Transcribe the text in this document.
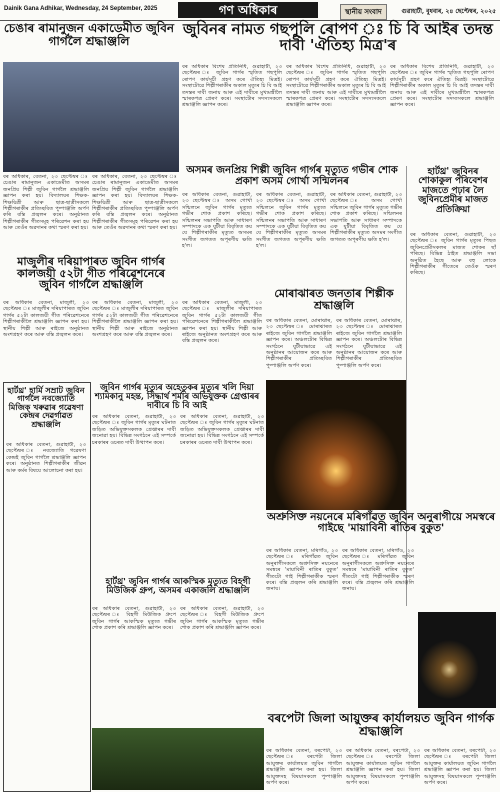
Dainik Gana Adhikar, Wednesday, 24 September, 2025	গণ অধিকাৰ	স্থানীয় সংবাদ	গুৱাহাটী, বুধবাৰ, ২৪ ছেপ্টেম্বৰ, ২০২৫
চেঙাৰ ৰামানুজন একাডেমীত জুবিন গাৰ্গলৈ শ্ৰদ্ধাঞ্জলি
বৰ অধিকাৰ, বেতনা, ২৩ ছেপ্টেম্বৰ ঃ চেঙাৰ ৰামানুজন একাডেমীত অসমৰ জনপ্ৰিয় শিল্পী জুবিন গাৰ্গলৈ শ্ৰদ্ধাঞ্জলি জ্ঞাপন কৰা হয়। বিদ্যালয়ৰ শিক্ষক-শিক্ষয়িত্ৰী আৰু ছাত্ৰ-ছাত্ৰীসকলে শিল্পীগৰাকীৰ প্ৰতিচ্ছবিত পুষ্পাঞ্জলি অৰ্পণ কৰি বন্তি প্ৰজ্বলন কৰে। অনুষ্ঠানত শিল্পীগৰাকীৰ গীতসমূহ পৰিৱেশন কৰা হয় আৰু তেওঁৰ অৱদানৰ কথা স্মৰণ কৰা হয়।
বৰ অধিকাৰ, বেতনা, ২৩ ছেপ্টেম্বৰ ঃ চেঙাৰ ৰামানুজন একাডেমীত অসমৰ জনপ্ৰিয় শিল্পী জুবিন গাৰ্গলৈ শ্ৰদ্ধাঞ্জলি জ্ঞাপন কৰা হয়। বিদ্যালয়ৰ শিক্ষক-শিক্ষয়িত্ৰী আৰু ছাত্ৰ-ছাত্ৰীসকলে শিল্পীগৰাকীৰ প্ৰতিচ্ছবিত পুষ্পাঞ্জলি অৰ্পণ কৰি বন্তি প্ৰজ্বলন কৰে। অনুষ্ঠানত শিল্পীগৰাকীৰ গীতসমূহ পৰিৱেশন কৰা হয় আৰু তেওঁৰ অৱদানৰ কথা স্মৰণ কৰা হয়।
জুবিনৰ নামত গছপুলি ৰোপণ ঃ চি বি আইৰ তদন্ত দাবী 'ঐতিহ্য মিত্ৰ'ৰ
বৰ অধিকাৰ বিশেষ প্ৰতিনিধি, গুৱাহাটী, ২৩ ছেপ্টেম্বৰ ঃ জুবিন গাৰ্গৰ স্মৃতিত গছপুলি ৰোপণ কাৰ্যসূচী গ্ৰহণ কৰে ঐতিহ্য মিত্ৰই। সংস্থাটোৱে শিল্পীগৰাকীৰ অকাল মৃত্যুৰ চি বি আই তদন্তৰ দাবী জনায় আৰু এই দাবীৰে মুখ্যমন্ত্ৰীলৈ স্মাৰকপত্ৰ প্ৰেৰণ কৰে। সংস্থাটোৰ সদস্যসকলে শ্ৰদ্ধাঞ্জলি জ্ঞাপন কৰে।
বৰ অধিকাৰ বিশেষ প্ৰতিনিধি, গুৱাহাটী, ২৩ ছেপ্টেম্বৰ ঃ জুবিন গাৰ্গৰ স্মৃতিত গছপুলি ৰোপণ কাৰ্যসূচী গ্ৰহণ কৰে ঐতিহ্য মিত্ৰই। সংস্থাটোৱে শিল্পীগৰাকীৰ অকাল মৃত্যুৰ চি বি আই তদন্তৰ দাবী জনায় আৰু এই দাবীৰে মুখ্যমন্ত্ৰীলৈ স্মাৰকপত্ৰ প্ৰেৰণ কৰে। সংস্থাটোৰ সদস্যসকলে শ্ৰদ্ধাঞ্জলি জ্ঞাপন কৰে।
বৰ অধিকাৰ বিশেষ প্ৰতিনিধি, গুৱাহাটী, ২৩ ছেপ্টেম্বৰ ঃ জুবিন গাৰ্গৰ স্মৃতিত গছপুলি ৰোপণ কাৰ্যসূচী গ্ৰহণ কৰে ঐতিহ্য মিত্ৰই। সংস্থাটোৱে শিল্পীগৰাকীৰ অকাল মৃত্যুৰ চি বি আই তদন্তৰ দাবী জনায় আৰু এই দাবীৰে মুখ্যমন্ত্ৰীলৈ স্মাৰকপত্ৰ প্ৰেৰণ কৰে। সংস্থাটোৰ সদস্যসকলে শ্ৰদ্ধাঞ্জলি জ্ঞাপন কৰে।
অসমৰ জনপ্ৰিয় শিল্পী জুবিন গাৰ্গৰ মৃত্যুত গভীৰ শোক প্ৰকাশ অসম গোৰ্খা সন্মিলনৰ
বৰ অধিকাৰ বেতনা, গুৱাহাটী, ২৩ ছেপ্টেম্বৰ ঃ অসম গোৰ্খা সন্মিলনে জুবিন গাৰ্গৰ মৃত্যুত গভীৰ শোক প্ৰকাশ কৰিছে। সন্মিলনৰ সভাপতি আৰু সাধাৰণ সম্পাদকে এক যুটীয়া বিবৃতিত কয় যে শিল্পীগৰাকীৰ মৃত্যুত অসমৰ সংগীত জগতত অপূৰণীয় ক্ষতি হ'ল।
বৰ অধিকাৰ বেতনা, গুৱাহাটী, ২৩ ছেপ্টেম্বৰ ঃ অসম গোৰ্খা সন্মিলনে জুবিন গাৰ্গৰ মৃত্যুত গভীৰ শোক প্ৰকাশ কৰিছে। সন্মিলনৰ সভাপতি আৰু সাধাৰণ সম্পাদকে এক যুটীয়া বিবৃতিত কয় যে শিল্পীগৰাকীৰ মৃত্যুত অসমৰ সংগীত জগতত অপূৰণীয় ক্ষতি হ'ল।
বৰ অধিকাৰ বেতনা, গুৱাহাটী, ২৩ ছেপ্টেম্বৰ ঃ অসম গোৰ্খা সন্মিলনে জুবিন গাৰ্গৰ মৃত্যুত গভীৰ শোক প্ৰকাশ কৰিছে। সন্মিলনৰ সভাপতি আৰু সাধাৰণ সম্পাদকে এক যুটীয়া বিবৃতিত কয় যে শিল্পীগৰাকীৰ মৃত্যুত অসমৰ সংগীত জগতত অপূৰণীয় ক্ষতি হ'ল।
হাৰ্টথ্ৰ' জুবিনৰ শোকাকুল পৰিবেশৰ মাজতে পঢ়াৰ লৈ জুবিনপ্ৰেমীৰ মাজত প্ৰতিক্ৰিয়া
বৰ অধিকাৰ বেতনা, গুৱাহাটী, ২৩ ছেপ্টেম্বৰ ঃ জুবিন গাৰ্গৰ মৃত্যুৰ পিছত জুবিনপ্ৰেমীসকলৰ মাজত শোকৰ ছাঁ পৰিছে। বিভিন্ন ঠাইত শ্ৰদ্ধাঞ্জলি সভা অনুষ্ঠিত হৈছে আৰু বহু লোকে শিল্পীগৰাকীৰ গীতেৰে তেওঁক স্মৰণ কৰিছে।
মাজুলীৰ দৰিয়াপাৰত জুবিন গাৰ্গৰ কালজয়ী ৫২টা গীত পৰিৱেশনেৰে জুবিন গাৰ্গলৈ শ্ৰদ্ধাঞ্জলি
বৰ অধিকাৰ বেতনা, মাজুলী, ২৩ ছেপ্টেম্বৰ ঃ মাজুলীৰ দৰিয়াপাৰত জুবিন গাৰ্গৰ ৫২টা কালজয়ী গীত পৰিৱেশনেৰে শিল্পীগৰাকীলৈ শ্ৰদ্ধাঞ্জলি জ্ঞাপন কৰা হয়। স্থানীয় শিল্পী আৰু ৰাইজে অনুষ্ঠানত অংশগ্ৰহণ কৰে আৰু বন্তি প্ৰজ্বলন কৰে।
বৰ অধিকাৰ বেতনা, মাজুলী, ২৩ ছেপ্টেম্বৰ ঃ মাজুলীৰ দৰিয়াপাৰত জুবিন গাৰ্গৰ ৫২টা কালজয়ী গীত পৰিৱেশনেৰে শিল্পীগৰাকীলৈ শ্ৰদ্ধাঞ্জলি জ্ঞাপন কৰা হয়। স্থানীয় শিল্পী আৰু ৰাইজে অনুষ্ঠানত অংশগ্ৰহণ কৰে আৰু বন্তি প্ৰজ্বলন কৰে।
বৰ অধিকাৰ বেতনা, মাজুলী, ২৩ ছেপ্টেম্বৰ ঃ মাজুলীৰ দৰিয়াপাৰত জুবিন গাৰ্গৰ ৫২টা কালজয়ী গীত পৰিৱেশনেৰে শিল্পীগৰাকীলৈ শ্ৰদ্ধাঞ্জলি জ্ঞাপন কৰা হয়। স্থানীয় শিল্পী আৰু ৰাইজে অনুষ্ঠানত অংশগ্ৰহণ কৰে আৰু বন্তি প্ৰজ্বলন কৰে।
মোৰাঝাৰত জনতাৰ শিল্পীক শ্ৰদ্ধাঞ্জলি
বৰ অধিকাৰ বেতনা, মোৰাঝাৰ, ২৩ ছেপ্টেম্বৰ ঃ মোৰাঝাৰত ৰাইজে জুবিন গাৰ্গলৈ শ্ৰদ্ধাঞ্জলি জ্ঞাপন কৰে। অঞ্চলটোৰ বিভিন্ন সংগঠনে যুটীয়াভাৱে এই অনুষ্ঠানৰ আয়োজন কৰে আৰু শিল্পীগৰাকীৰ প্ৰতিচ্ছবিত পুষ্পাঞ্জলি অৰ্পণ কৰে।
বৰ অধিকাৰ বেতনা, মোৰাঝাৰ, ২৩ ছেপ্টেম্বৰ ঃ মোৰাঝাৰত ৰাইজে জুবিন গাৰ্গলৈ শ্ৰদ্ধাঞ্জলি জ্ঞাপন কৰে। অঞ্চলটোৰ বিভিন্ন সংগঠনে যুটীয়াভাৱে এই অনুষ্ঠানৰ আয়োজন কৰে আৰু শিল্পীগৰাকীৰ প্ৰতিচ্ছবিত পুষ্পাঞ্জলি অৰ্পণ কৰে।
হাৰ্টথ্ৰ' হাৰ্মি সম্ৰাট জুবিন গাৰ্গলৈ নবজ্যোতি মিজিক্‌ খৰুৱাৰ গৱেষণা কেন্দ্ৰৰ দেৱৰ্গাৱত শ্ৰদ্ধাঞ্জলি
বৰ অধিকাৰ বেতনা, গুৱাহাটী, ২৩ ছেপ্টেম্বৰ ঃ নবজ্যোতি গৱেষণা কেন্দ্ৰই জুবিন গাৰ্গলৈ শ্ৰদ্ধাঞ্জলি জ্ঞাপন কৰে। অনুষ্ঠানত শিল্পীগৰাকীৰ জীৱন আৰু কৰ্মৰ বিষয়ে আলোচনা কৰা হয়।
জুবিন গাৰ্গৰ মৃত্যুৰ অহেতুকৰ মৃত্যুৰ খলি দিয়া শ্যামকানু মহন্ত, সিদ্ধাৰ্থ শৰ্মাৰ অভিযুক্তক গ্ৰেপ্তাৰৰ দাবীৰে চি বি আই
বৰ অধিকাৰ বেতনা, গুৱাহাটী, ২৩ ছেপ্টেম্বৰ ঃ জুবিন গাৰ্গৰ মৃত্যুৰ ঘটনাত জড়িত অভিযুক্তসকলক গ্ৰেপ্তাৰৰ দাবী জনোৱা হয়। বিভিন্ন সংগঠনে এই সম্পৰ্কে চৰকাৰৰ ওচৰত দাবী উত্থাপন কৰে।
বৰ অধিকাৰ বেতনা, গুৱাহাটী, ২৩ ছেপ্টেম্বৰ ঃ জুবিন গাৰ্গৰ মৃত্যুৰ ঘটনাত জড়িত অভিযুক্তসকলক গ্ৰেপ্তাৰৰ দাবী জনোৱা হয়। বিভিন্ন সংগঠনে এই সম্পৰ্কে চৰকাৰৰ ওচৰত দাবী উত্থাপন কৰে।
অশ্ৰুসিক্ত নয়নেৰে মৰিগাঁৱত জুবিন অনুৰাগীয়ে সমস্বৰে গাইছে 'মায়াবিনী ৰাতিৰ বুকুত'
বৰ অধিকাৰ বেতনা, মৰিগাঁও, ২৩ ছেপ্টেম্বৰ ঃ মৰিগাঁৱত জুবিন অনুৰাগীসকলে অশ্ৰুসিক্ত নয়নেৰে সমস্বৰে 'মায়াবিনী ৰাতিৰ বুকুত' গীতটো গাই শিল্পীগৰাকীক স্মৰণ কৰে। বন্তি প্ৰজ্বলন কৰি শ্ৰদ্ধাঞ্জলি জনায়।
বৰ অধিকাৰ বেতনা, মৰিগাঁও, ২৩ ছেপ্টেম্বৰ ঃ মৰিগাঁৱত জুবিন অনুৰাগীসকলে অশ্ৰুসিক্ত নয়নেৰে সমস্বৰে 'মায়াবিনী ৰাতিৰ বুকুত' গীতটো গাই শিল্পীগৰাকীক স্মৰণ কৰে। বন্তি প্ৰজ্বলন কৰি শ্ৰদ্ধাঞ্জলি জনায়।
হাৰ্টথ্ৰ' জুবিন গাৰ্গৰ আকস্মিক মৃত্যুত বিহগী মিউজিক গ্ৰুপ, অসমৰ একাজলি শ্ৰদ্ধাঞ্জলি
বৰ অধিকাৰ বেতনা, গুৱাহাটী, ২৩ ছেপ্টেম্বৰ ঃ বিহগী মিউজিক গ্ৰুপে জুবিন গাৰ্গৰ আকস্মিক মৃত্যুত গভীৰ শোক প্ৰকাশ কৰি শ্ৰদ্ধাঞ্জলি জ্ঞাপন কৰে।
বৰ অধিকাৰ বেতনা, গুৱাহাটী, ২৩ ছেপ্টেম্বৰ ঃ বিহগী মিউজিক গ্ৰুপে জুবিন গাৰ্গৰ আকস্মিক মৃত্যুত গভীৰ শোক প্ৰকাশ কৰি শ্ৰদ্ধাঞ্জলি জ্ঞাপন কৰে।
বৰপেটা জিলা আয়ুক্তৰ কাৰ্যালয়ত জুবিন গাৰ্গক শ্ৰদ্ধাঞ্জলি
বৰ অধিকাৰ বেতনা, বৰপেটা, ২৩ ছেপ্টেম্বৰ ঃ বৰপেটা জিলা আয়ুক্তৰ কাৰ্যালয়ত জুবিন গাৰ্গলৈ শ্ৰদ্ধাঞ্জলি জ্ঞাপন কৰা হয়। জিলা আয়ুক্তসহ বিষয়াসকলে পুষ্পাঞ্জলি অৰ্পণ কৰে।
বৰ অধিকাৰ বেতনা, বৰপেটা, ২৩ ছেপ্টেম্বৰ ঃ বৰপেটা জিলা আয়ুক্তৰ কাৰ্যালয়ত জুবিন গাৰ্গলৈ শ্ৰদ্ধাঞ্জলি জ্ঞাপন কৰা হয়। জিলা আয়ুক্তসহ বিষয়াসকলে পুষ্পাঞ্জলি অৰ্পণ কৰে।
বৰ অধিকাৰ বেতনা, বৰপেটা, ২৩ ছেপ্টেম্বৰ ঃ বৰপেটা জিলা আয়ুক্তৰ কাৰ্যালয়ত জুবিন গাৰ্গলৈ শ্ৰদ্ধাঞ্জলি জ্ঞাপন কৰা হয়। জিলা আয়ুক্তসহ বিষয়াসকলে পুষ্পাঞ্জলি অৰ্পণ কৰে।
